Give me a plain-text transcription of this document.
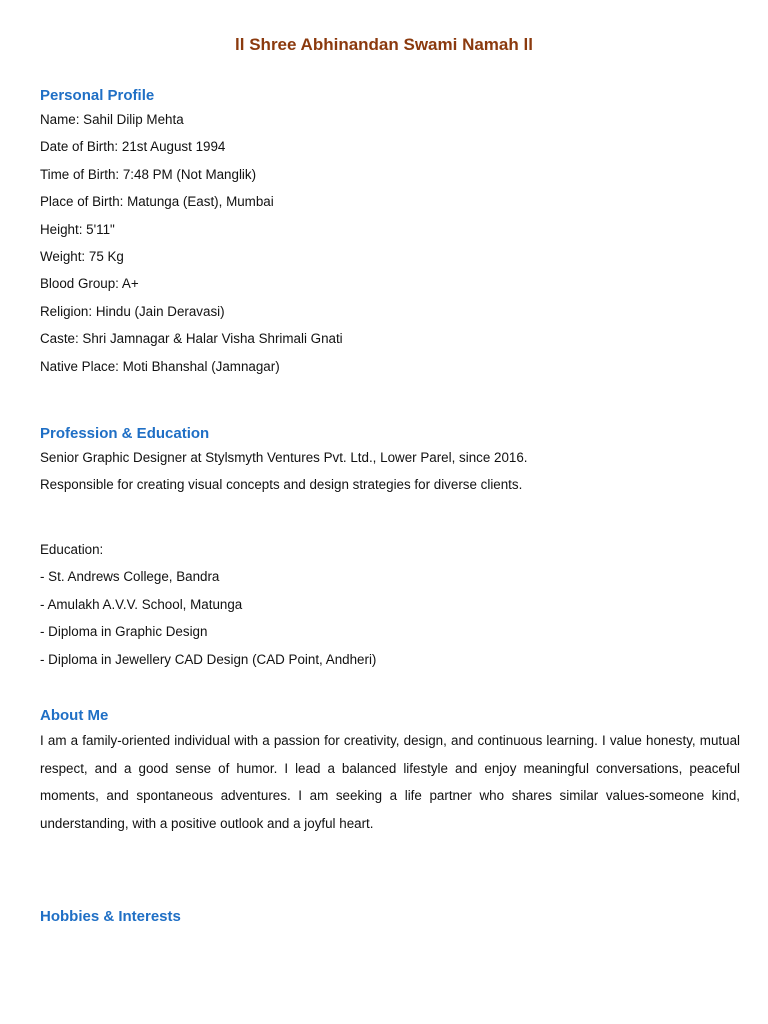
ll Shree Abhinandan Swami Namah ll
Personal Profile
Name: Sahil Dilip Mehta
Date of Birth: 21st August 1994
Time of Birth: 7:48 PM (Not Manglik)
Place of Birth: Matunga (East), Mumbai
Height: 5'11"
Weight: 75 Kg
Blood Group: A+
Religion: Hindu (Jain Deravasi)
Caste: Shri Jamnagar & Halar Visha Shrimali Gnati
Native Place: Moti Bhanshal (Jamnagar)
Profession & Education
Senior Graphic Designer at Stylsmyth Ventures Pvt. Ltd., Lower Parel, since 2016.
Responsible for creating visual concepts and design strategies for diverse clients.
Education:
- St. Andrews College, Bandra
- Amulakh A.V.V. School, Matunga
- Diploma in Graphic Design
- Diploma in Jewellery CAD Design (CAD Point, Andheri)
About Me

I am a family-oriented individual with a passion for creativity, design, and continuous learning. I value honesty, mutual respect, and a good sense of humor. I lead a balanced lifestyle and enjoy meaningful conversations, peaceful moments, and spontaneous adventures. I am seeking a life partner who shares similar values-someone kind, understanding, with a positive outlook and a joyful heart.

Hobbies & Interests
